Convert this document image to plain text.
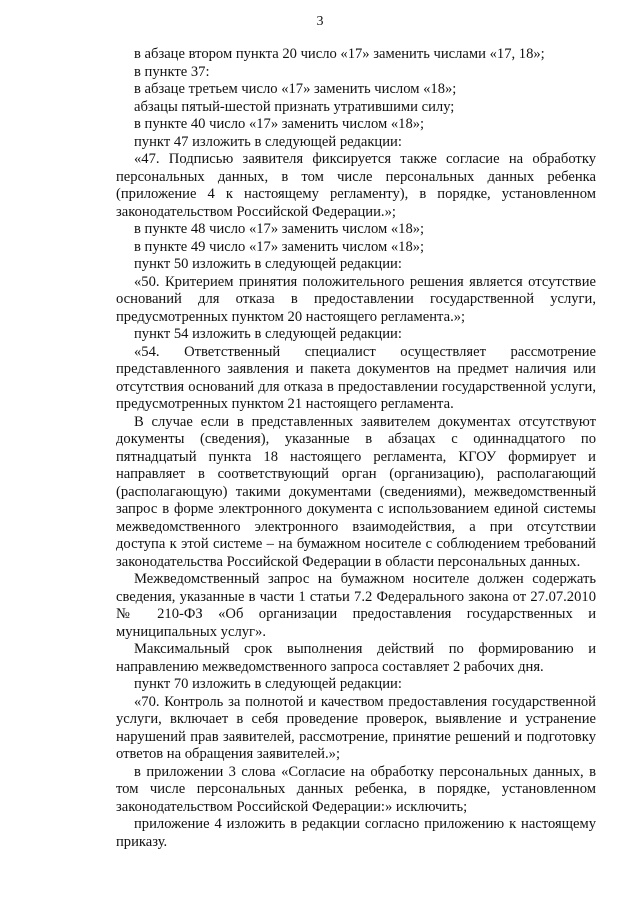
3

в абзаце втором пункта 20 число «17» заменить числами «17, 18»;

в пункте 37:

в абзаце третьем число «17» заменить числом «18»;

абзацы пятый-шестой признать утратившими силу;

в пункте 40 число «17» заменить числом «18»;

пункт 47 изложить в следующей редакции:

«47. Подписью заявителя фиксируется также согласие на обработку персональных данных, в том числе персональных данных ребенка (приложение 4 к настоящему регламенту), в порядке, установленном законодательством Российской Федерации.»;

в пункте 48 число «17» заменить числом «18»;

в пункте 49 число «17» заменить числом «18»;

пункт 50 изложить в следующей редакции:

«50. Критерием принятия положительного решения является отсутствие оснований для отказа в предоставлении государственной услуги, предусмотренных пунктом 20 настоящего регламента.»;

пункт 54 изложить в следующей редакции:

«54. Ответственный специалист осуществляет рассмотрение представленного заявления и пакета документов на предмет наличия или отсутствия оснований для отказа в предоставлении государственной услуги, предусмотренных пунктом 21 настоящего регламента.

В случае если в представленных заявителем документах отсутствуют документы (сведения), указанные в абзацах с одиннадцатого по пятнадцатый пункта 18 настоящего регламента, КГОУ формирует и направляет в соответствующий орган (организацию), располагающий (располагающую) такими документами (сведениями), межведомственный запрос в форме электронного документа с использованием единой системы межведомственного электронного взаимодействия, а при отсутствии доступа к этой системе – на бумажном носителе с соблюдением требований законодательства Российской Федерации в области персональных данных.

Межведомственный запрос на бумажном носителе должен содержать сведения, указанные в части 1 статьи 7.2 Федерального закона от 27.07.2010 № 210-ФЗ «Об организации предоставления государственных и муниципальных услуг».

Максимальный срок выполнения действий по формированию и направлению межведомственного запроса составляет 2 рабочих дня.

пункт 70 изложить в следующей редакции:

«70. Контроль за полнотой и качеством предоставления государственной услуги, включает в себя проведение проверок, выявление и устранение нарушений прав заявителей, рассмотрение, принятие решений и подготовку ответов на обращения заявителей.»;

в приложении 3 слова «Согласие на обработку персональных данных, в том числе персональных данных ребенка, в порядке, установленном законодательством Российской Федерации:» исключить;

приложение 4 изложить в редакции согласно приложению к настоящему приказу.
